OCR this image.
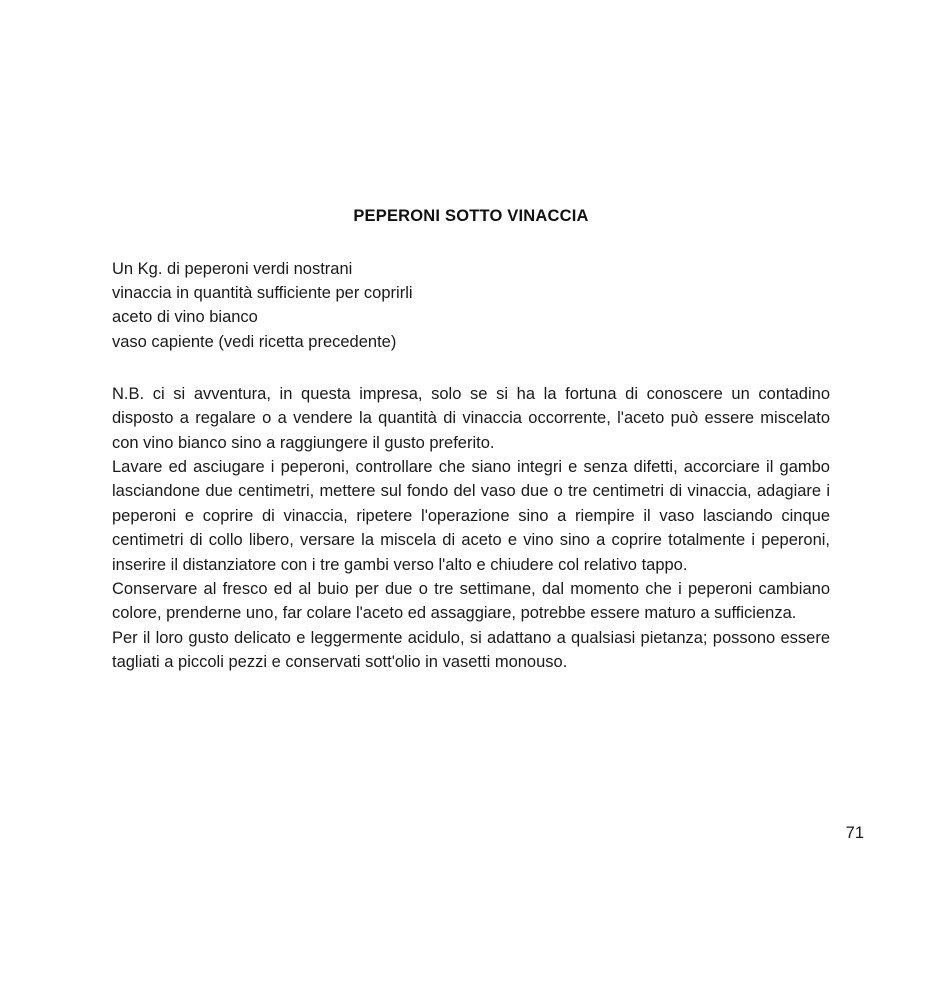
PEPERONI SOTTO VINACCIA
Un Kg. di peperoni verdi nostrani
vinaccia in quantità sufficiente per coprirli
aceto di vino bianco
vaso capiente (vedi ricetta precedente)

N.B. ci si avventura, in questa impresa, solo se si ha la fortuna di conoscere un contadino disposto a regalare o a vendere la quantità di vinaccia occorrente, l'aceto può essere miscelato con vino bianco sino a raggiungere il gusto preferito.

Lavare ed asciugare i peperoni, controllare che siano integri e senza difetti, accorciare il gambo lasciandone due centimetri, mettere sul fondo del vaso due o tre centimetri di vinaccia, adagiare i peperoni e coprire di vinaccia, ripetere l'operazione sino a riempire il vaso lasciando cinque centimetri di collo libero, versare la miscela di aceto e vino sino a coprire totalmente i peperoni, inserire il distanziatore con i tre gambi verso l'alto e chiudere col relativo tappo.

Conservare al fresco ed al buio per due o tre settimane, dal momento che i peperoni cambiano colore, prenderne uno, far colare l'aceto ed assaggiare, potrebbe essere maturo a sufficienza.

Per il loro gusto delicato e leggermente acidulo, si adattano a qualsiasi pietanza; possono essere tagliati a piccoli pezzi e conservati sott'olio in vasetti monouso.

71
